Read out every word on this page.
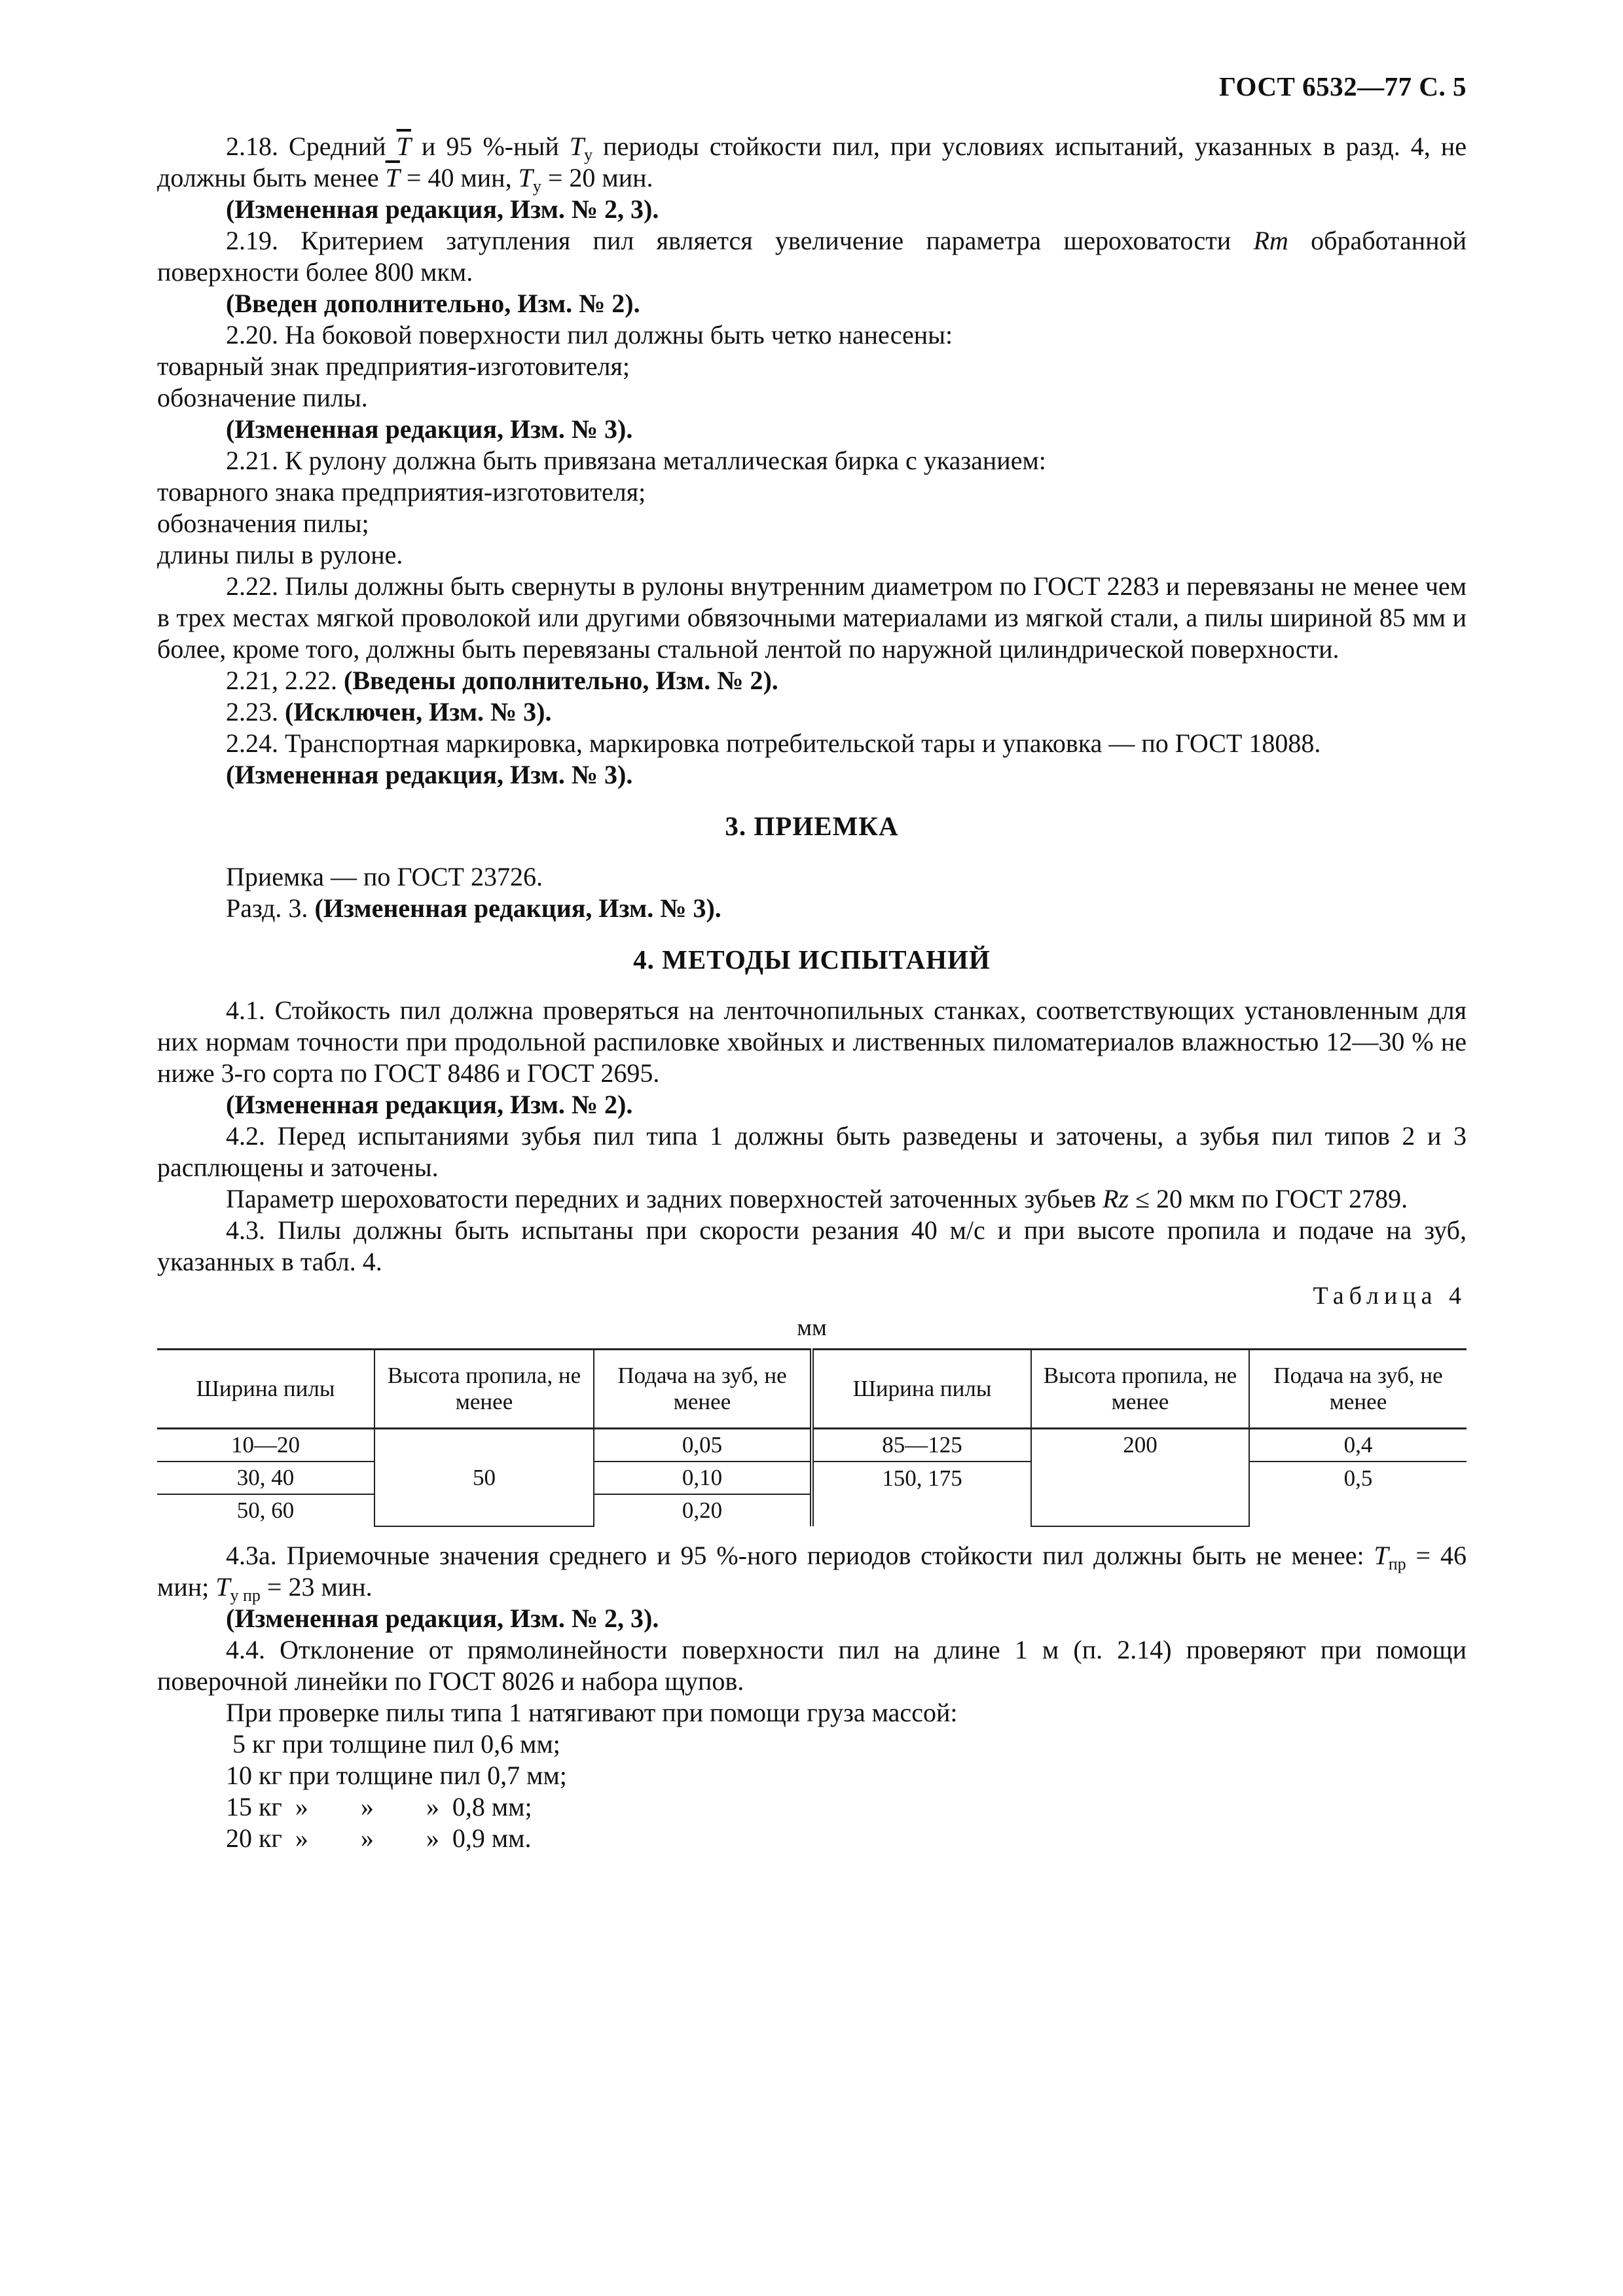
ГОСТ 6532—77 С. 5

2.18. Средний $\overline{T}$ и 95 %-ный $T_у$ периоды стойкости пил, при условиях испытаний, указанных в разд. 4, не должны быть менее $\overline{T} = 40$ мин, $T_у = 20$ мин.

(Измененная редакция, Изм. № 2, 3).

2.19. Критерием затупления пил является увеличение параметра шероховатости Rm обработанной поверхности более 800 мкм.

(Введен дополнительно, Изм. № 2).

2.20. На боковой поверхности пил должны быть четко нанесены:

товарный знак предприятия-изготовителя;

обозначение пилы.

(Измененная редакция, Изм. № 3).

2.21. К рулону должна быть привязана металлическая бирка с указанием:

товарного знака предприятия-изготовителя;

обозначения пилы;

длины пилы в рулоне.

2.22. Пилы должны быть свернуты в рулоны внутренним диаметром по ГОСТ 2283 и перевязаны не менее чем в трех местах мягкой проволокой или другими обвязочными материалами из мягкой стали, а пилы шириной 85 мм и более, кроме того, должны быть перевязаны стальной лентой по наружной цилиндрической поверхности.

2.21, 2.22. (Введены дополнительно, Изм. № 2).

2.23. (Исключен, Изм. № 3).

2.24. Транспортная маркировка, маркировка потребительской тары и упаковка — по ГОСТ 18088.

(Измененная редакция, Изм. № 3).

3. ПРИЕМКА

Приемка — по ГОСТ 23726.

Разд. 3. (Измененная редакция, Изм. № 3).

4. МЕТОДЫ ИСПЫТАНИЙ

4.1. Стойкость пил должна проверяться на ленточнопильных станках, соответствующих установленным для них нормам точности при продольной распиловке хвойных и лиственных пиломатериалов влажностью 12—30 % не ниже 3-го сорта по ГОСТ 8486 и ГОСТ 2695.

(Измененная редакция, Изм. № 2).

4.2. Перед испытаниями зубья пил типа 1 должны быть разведены и заточены, а зубья пил типов 2 и 3 расплющены и заточены.

Параметр шероховатости передних и задних поверхностей заточенных зубьев Rz ≤ 20 мкм по ГОСТ 2789.

4.3. Пилы должны быть испытаны при скорости резания 40 м/с и при высоте пропила и подаче на зуб, указанных в табл. 4.

Таблица 4

мм

Ширина пилы	Высота пропила, не менее	Подача на зуб, не менее	Ширина пилы	Высота пропила, не менее	Подача на зуб, не менее
10—20	50	0,05	85—125	200	0,4
30, 40		0,10	150, 175		0,5
50, 60		0,20			

4.3а. Приемочные значения среднего и 95 %-ного периодов стойкости пил должны быть не менее: $T_{пр} = 46$ мин; $T_{у пр} = 23$ мин.

(Измененная редакция, Изм. № 2, 3).

4.4. Отклонение от прямолинейности поверхности пил на длине 1 м (п. 2.14) проверяют при помощи поверочной линейки по ГОСТ 8026 и набора щупов.

При проверке пилы типа 1 натягивают при помощи груза массой:

5 кг при толщине пил 0,6 мм;

10 кг при толщине пил 0,7 мм;

15 кг  »        »        »  0,8 мм;

20 кг  »        »        »  0,9 мм.
